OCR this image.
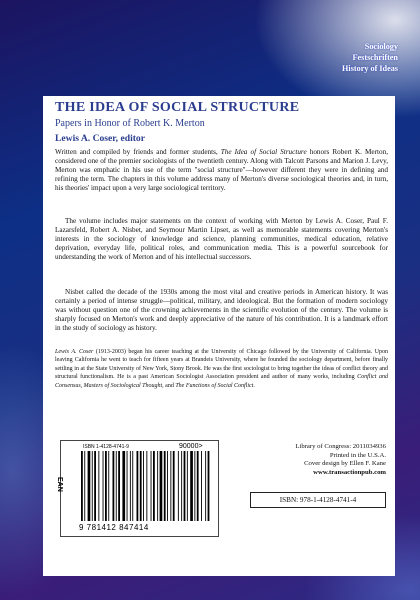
Sociology
Festschriften
History of Ideas
THE IDEA OF SOCIAL STRUCTURE
Papers in Honor of Robert K. Merton
Lewis A. Coser, editor

Written and compiled by friends and former students, The Idea of Social Structure honors Robert K. Merton, considered one of the premier sociologists of the twentieth century. Along with Talcott Parsons and Marion J. Levy, Merton was emphatic in his use of the term "social structure"—however different they were in defining and refining the term. The chapters in this volume address many of Merton's diverse sociological theories and, in turn, his theories' impact upon a very large sociological territory.

The volume includes major statements on the context of working with Merton by Lewis A. Coser, Paul F. Lazarsfeld, Robert A. Nisbet, and Seymour Martin Lipset, as well as memorable statements covering Merton's interests in the sociology of knowledge and science, planning communities, medical education, relative deprivation, everyday life, political roles, and communication media. This is a powerful sourcebook for understanding the work of Merton and of his intellectual successors.

Nisbet called the decade of the 1930s among the most vital and creative periods in American history. It was certainly a period of intense struggle—political, military, and ideological. But the formation of modern sociology was without question one of the crowning achievements in the scientific evolution of the century. The volume is sharply focused on Merton's work and deeply appreciative of the nature of his contribution. It is a landmark effort in the study of sociology as history.

Lewis A. Coser (1913-2003) began his career teaching at the University of Chicago followed by the University of California. Upon leaving California he went to teach for fifteen years at Brandeis University, where he founded the sociology department, before finally settling in at the State University of New York, Stony Brook. He was the first sociologist to bring together the ideas of conflict theory and structural functionalism. He is a past American Sociologist Association president and author of many works, including Conflict and Consensus, Masters of Sociological Thought, and The Functions of Social Conflict.

EAN
ISBN 1-4128-4741-9	90000>
9 781412 847414
Library of Congress: 2011034936
Printed in the U.S.A.
Cover design by Ellen F. Kane
www.transactionpub.com
ISBN: 978-1-4128-4741-4
